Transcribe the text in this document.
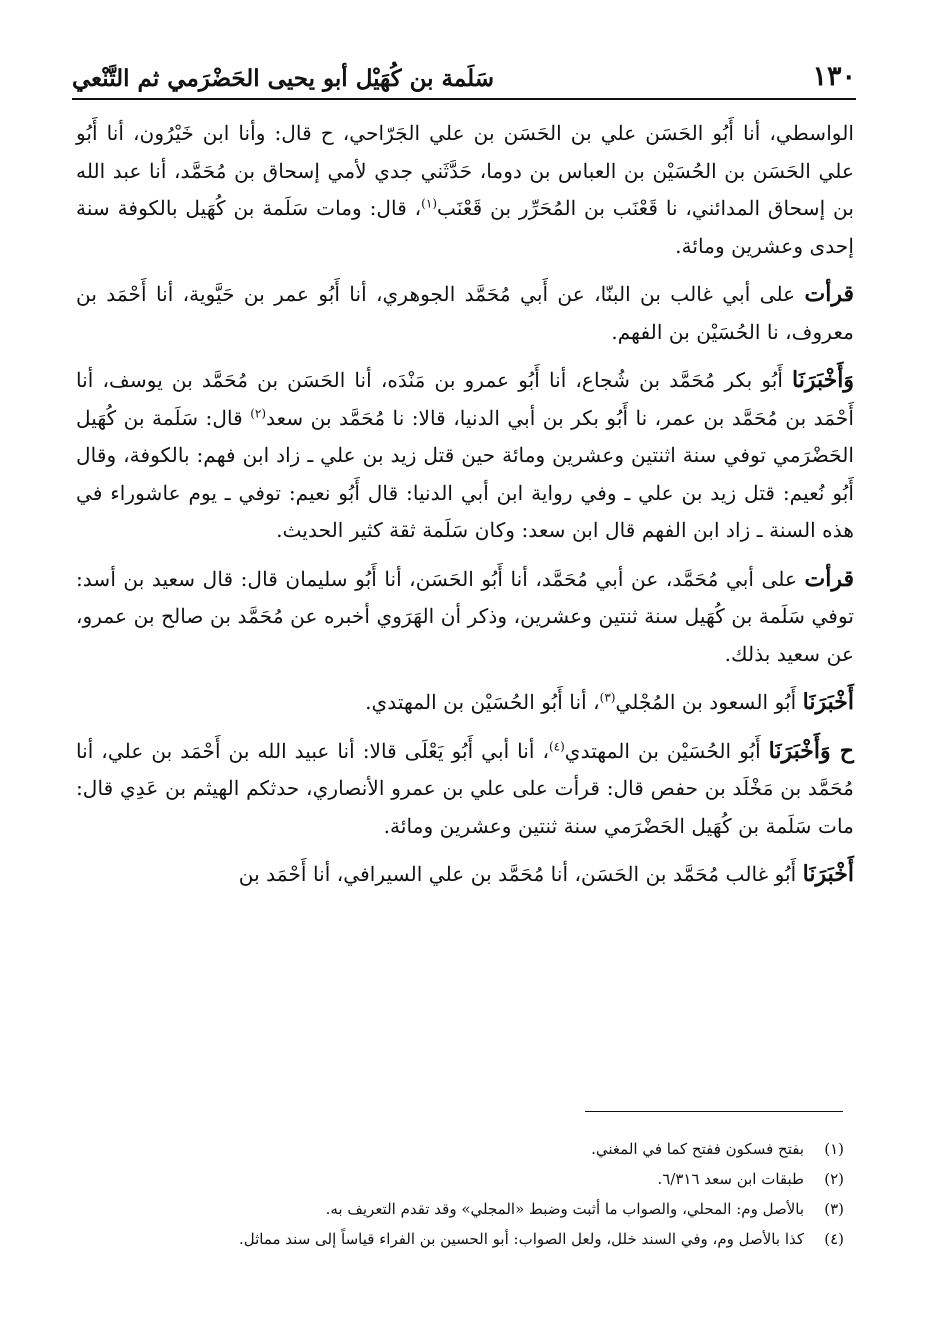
١٣٠
سَلَمة بن كُهَيْل أبو يحيى الحَضْرَمي ثم التَّنْعي

الواسطي، أنا أَبُو الحَسَن علي بن الحَسَن بن علي الجَرّاحي، ح قال: وأنا ابن خَيْرُون، أنا أَبُو علي الحَسَن بن الحُسَيْن بن العباس بن دوما، حَدَّثَني جدي لأمي إسحاق بن مُحَمَّد، أنا عبد الله بن إسحاق المدائني، نا قَعْنَب بن المُحَرِّر بن قَعْنَب$^{(١)}$، قال: ومات سَلَمة بن كُهَيل بالكوفة سنة إحدى وعشرين ومائة.

قرأت على أبي غالب بن البنّا، عن أَبي مُحَمَّد الجوهري، أنا أَبُو عمر بن حَيَّوية، أنا أَحْمَد بن معروف، نا الحُسَيْن بن الفهم.

وَأَخْبَرَنَا أَبُو بكر مُحَمَّد بن شُجاع، أنا أَبُو عمرو بن مَنْدَه، أنا الحَسَن بن مُحَمَّد بن يوسف، أنا أَحْمَد بن مُحَمَّد بن عمر، نا أَبُو بكر بن أبي الدنيا، قالا: نا مُحَمَّد بن سعد$^{(٢)}$ قال: سَلَمة بن كُهَيل الحَضْرَمي توفي سنة اثنتين وعشرين ومائة حين قتل زيد بن علي ـ زاد ابن فهم: بالكوفة، وقال أَبُو نُعيم: قتل زيد بن علي ـ وفي رواية ابن أبي الدنيا: قال أَبُو نعيم: توفي ـ يوم عاشوراء في هذه السنة ـ زاد ابن الفهم قال ابن سعد: وكان سَلَمة ثقة كثير الحديث.

قرأت على أبي مُحَمَّد، عن أبي مُحَمَّد، أنا أَبُو الحَسَن، أنا أَبُو سليمان قال: قال سعيد بن أسد: توفي سَلَمة بن كُهَيل سنة ثنتين وعشرين، وذكر أن الهَرَوي أخبره عن مُحَمَّد بن صالح بن عمرو، عن سعيد بذلك.

أَخْبَرَنَا أَبُو السعود بن المُجْلي$^{(٣)}$، أنا أَبُو الحُسَيْن بن المهتدي.

ح وَأَخْبَرَنَا أَبُو الحُسَيْن بن المهتدي$^{(٤)}$، أنا أبي أَبُو يَعْلَى قالا: أنا عبيد الله بن أَحْمَد بن علي، أنا مُحَمَّد بن مَخْلَد بن حفص قال: قرأت على علي بن عمرو الأنصاري، حدثكم الهيثم بن عَدِي قال: مات سَلَمة بن كُهَيل الحَضْرَمي سنة ثنتين وعشرين ومائة.

أَخْبَرَنَا أَبُو غالب مُحَمَّد بن الحَسَن، أنا مُحَمَّد بن علي السيرافي، أنا أَحْمَد بن

(١)
بفتح فسكون ففتح كما في المغني.
(٢)
طبقات ابن سعد ٦/٣١٦.
(٣)
بالأصل وم: المحلي، والصواب ما أثبت وضبط «المجلي» وقد تقدم التعريف به.
(٤)
كذا بالأصل وم، وفي السند خلل، ولعل الصواب: أبو الحسين بن الفراء قياساً إلى سند مماثل.
